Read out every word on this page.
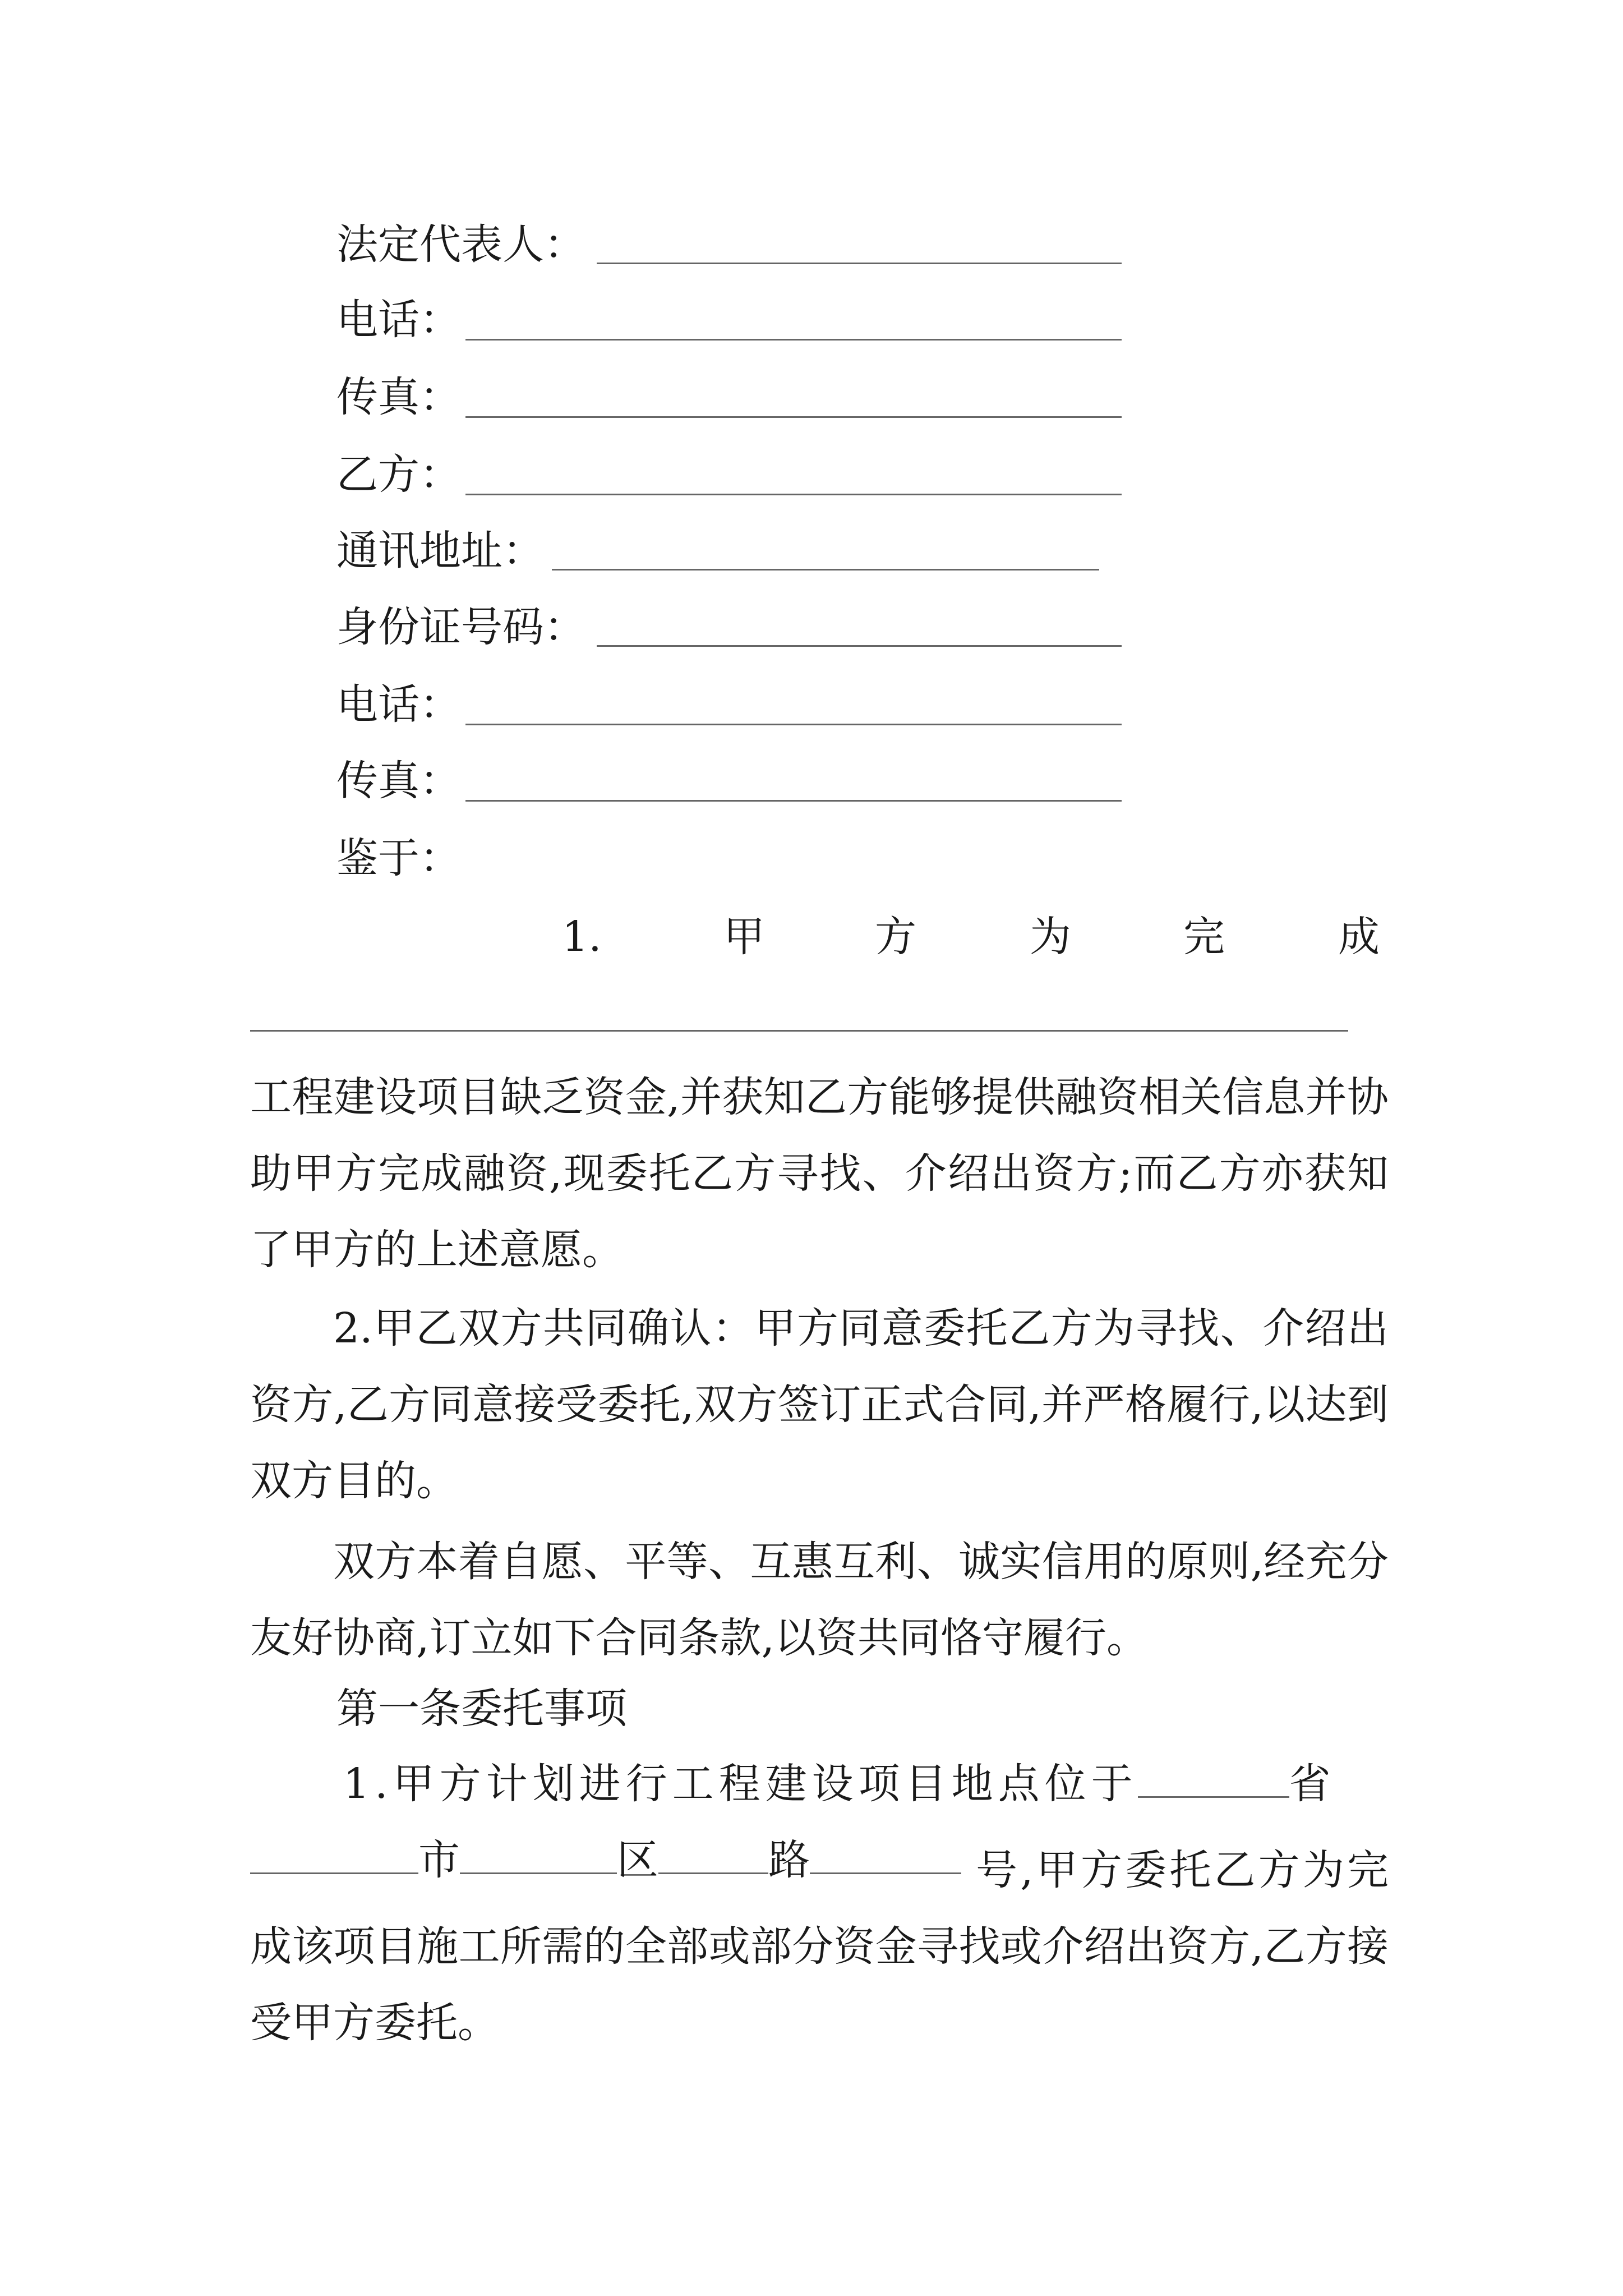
法定代表人：
电话：
传真：
乙方：
通讯地址：
身份证号码：
电话：
传真：
鉴于：
1.	甲	方	为	完	成
工程建设项目缺乏资金,并获知乙方能够提供融资相关信息并协助甲方完成融资,现委托乙方寻找、介绍出资方;而乙方亦获知了甲方的上述意愿。
2.甲乙双方共同确认：甲方同意委托乙方为寻找、介绍出资方,乙方同意接受委托,双方签订正式合同,并严格履行,以达到双方目的。
双方本着自愿、平等、互惠互利、诚实信用的原则,经充分友好协商,订立如下合同条款,以资共同恪守履行。
第一条委托事项
1.甲方计划进行工程建设项目地点位于	省
市	区	路	号,甲方委托乙方为完成该项目施工所需的全部或部分资金寻找或介绍出资方,乙方接受甲方委托。
